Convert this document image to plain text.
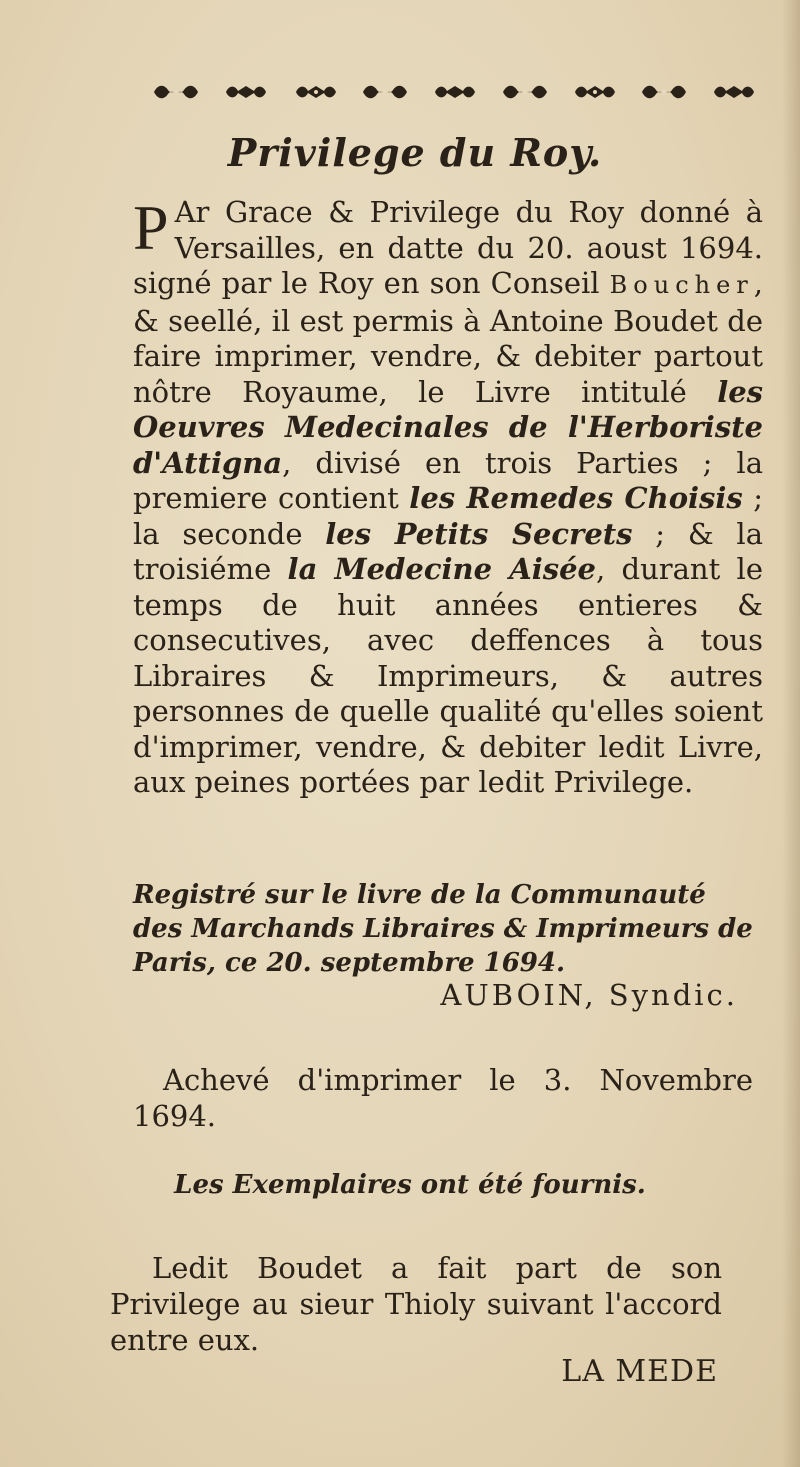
Privilege du Roy.

P Ar Grace & Privilege du Roy donné à Versailles, en datte du 20. aoust 1694. signé par le Roy en son Conseil Boucher, & seellé, il est permis à Antoine Boudet de faire imprimer, vendre, & debiter partout nôtre Royaume, le Livre intitulé les Oeuvres Medecinales de l'Herboriste d'Attigna, divisé en trois Parties ; la premiere contient les Remedes Choisis ; la seconde les Petits Secrets ; & la troisiéme la Medecine Aisée, durant le temps de huit années entieres & consecutives, avec deffences à tous Libraires & Imprimeurs, & autres personnes de quelle qualité qu'elles soient d'imprimer, vendre, & debiter ledit Livre, aux peines portées par ledit Privilege.

Registré sur le livre de la Communauté des Marchands Libraires & Imprimeurs de Paris, ce 20. septembre 1694.

AUBOIN, Syndic.

Achevé d'imprimer le 3. Novembre 1694.

Les Exemplaires ont été fournis.

Ledit Boudet a fait part de son Privilege au sieur Thioly suivant l'accord entre eux.

LA MEDE
